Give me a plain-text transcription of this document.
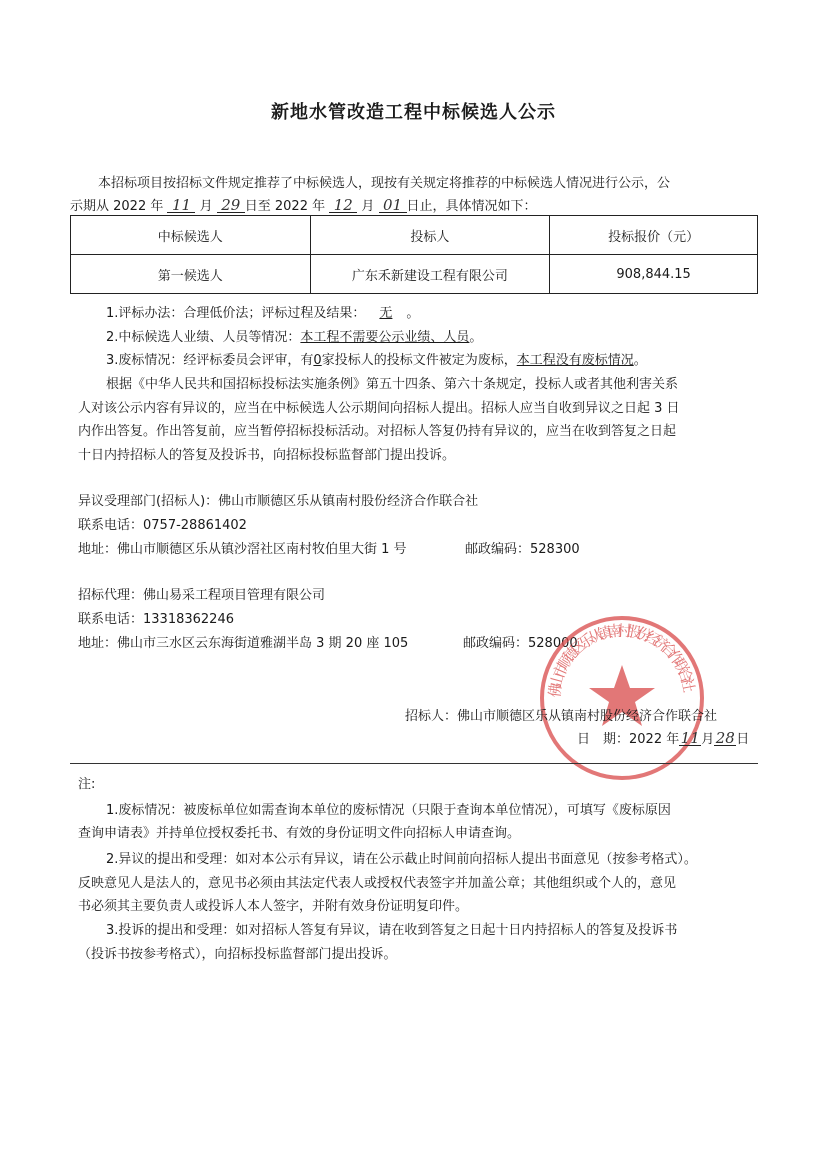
新地水管改造工程中标候选人公示
本招标项目按招标文件规定推荐了中标候选人，现按有关规定将推荐的中标候选人情况进行公示，公
示期从 2022 年 11 月 29 日至 2022 年 12 月 01 日止，具体情况如下：
中标候选人	投标人	投标报价（元）
第一候选人	广东禾新建设工程有限公司	908,844.15
1.评标办法：合理低价法；评标过程及结果： 无 。
2.中标候选人业绩、人员等情况：本工程不需要公示业绩、人员。
3.废标情况：经评标委员会评审，有0家投标人的投标文件被定为废标，本工程没有废标情况。
根据《中华人民共和国招标投标法实施条例》第五十四条、第六十条规定，投标人或者其他利害关系
人对该公示内容有异议的，应当在中标候选人公示期间向招标人提出。招标人应当自收到异议之日起 3 日
内作出答复。作出答复前，应当暂停招标投标活动。对招标人答复仍持有异议的，应当在收到答复之日起
十日内持招标人的答复及投诉书，向招标投标监督部门提出投诉。
异议受理部门(招标人)：佛山市顺德区乐从镇南村股份经济合作联合社
联系电话：0757-28861402
地址：佛山市顺德区乐从镇沙滘社区南村牧伯里大街 1 号	邮政编码：528300
招标代理：佛山易采工程项目管理有限公司
联系电话：13318362246
地址：佛山市三水区云东海街道雅湖半岛 3 期 20 座 105	邮政编码：528000
佛山市顺德区乐从镇南村股份经济合作联合社
招标人：佛山市顺德区乐从镇南村股份经济合作联合社
日　期：2022 年11月28日
注:
1.废标情况：被废标单位如需查询本单位的废标情况（只限于查询本单位情况），可填写《废标原因
查询申请表》并持单位授权委托书、有效的身份证明文件向招标人申请查询。
2.异议的提出和受理：如对本公示有异议，请在公示截止时间前向招标人提出书面意见（按参考格式）。
反映意见人是法人的，意见书必须由其法定代表人或授权代表签字并加盖公章；其他组织或个人的，意见
书必须其主要负责人或投诉人本人签字，并附有效身份证明复印件。
3.投诉的提出和受理：如对招标人答复有异议，请在收到答复之日起十日内持招标人的答复及投诉书
（投诉书按参考格式），向招标投标监督部门提出投诉。
